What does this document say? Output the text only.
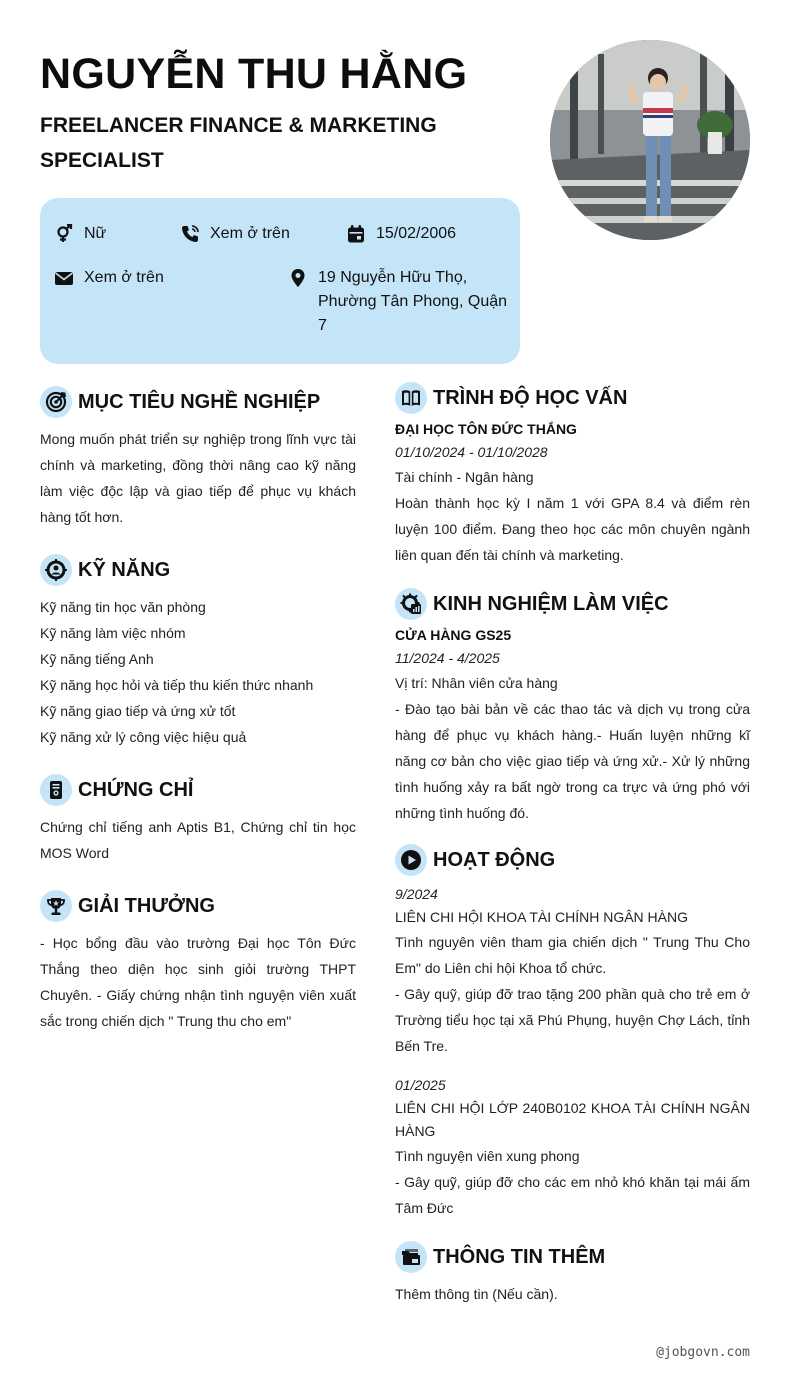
NGUYỄN THU HẰNG
FREELANCER FINANCE & MARKETING SPECIALIST
Nữ	Xem ở trên	15/02/2006
Xem ở trên	19 Nguyễn Hữu Thọ, Phường Tân Phong, Quận 7
MỤC TIÊU NGHỀ NGHIỆP
Mong muốn phát triển sự nghiệp trong lĩnh vực tài chính và marketing, đồng thời nâng cao kỹ năng làm việc độc lập và giao tiếp để phục vụ khách hàng tốt hơn.
KỸ NĂNG
Kỹ năng tin học văn phòng
Kỹ năng làm việc nhóm
Kỹ năng tiếng Anh
Kỹ năng học hỏi và tiếp thu kiến thức nhanh
Kỹ năng giao tiếp và ứng xử tốt
Kỹ năng xử lý công việc hiệu quả
CHỨNG CHỈ
Chứng chỉ tiếng anh Aptis B1, Chứng chỉ tin học MOS Word
GIẢI THƯỞNG
- Học bổng đầu vào trường Đại học Tôn Đức Thắng theo diện học sinh giỏi trường THPT Chuyên. - Giấy chứng nhận tình nguyện viên xuất sắc trong chiến dịch " Trung thu cho em"
TRÌNH ĐỘ HỌC VẤN
ĐẠI HỌC TÔN ĐỨC THẮNG
01/10/2024 - 01/10/2028
Tài chính - Ngân hàng
Hoàn thành học kỳ I năm 1 với GPA 8.4 và điểm rèn luyện 100 điểm. Đang theo học các môn chuyên ngành liên quan đến tài chính và marketing.
KINH NGHIỆM LÀM VIỆC
CỬA HÀNG GS25
11/2024 - 4/2025
Vị trí: Nhân viên cửa hàng
- Đào tạo bài bản về các thao tác và dịch vụ trong cửa hàng để phục vụ khách hàng.- Huấn luyện những kĩ năng cơ bản cho việc giao tiếp và ứng xử.- Xử lý những tình huống xảy ra bất ngờ trong ca trực và ứng phó với những tình huống đó.
HOẠT ĐỘNG
9/2024
LIÊN CHI HỘI KHOA TÀI CHÍNH NGÂN HÀNG
Tình nguyên viên tham gia chiến dịch " Trung Thu Cho Em" do Liên chi hội Khoa tổ chức.
- Gây quỹ, giúp đỡ trao tặng 200 phần quà cho trẻ em ở Trường tiểu học tại xã Phú Phụng, huyện Chợ Lách, tỉnh Bến Tre.
01/2025
LIÊN CHI HỘI LỚP 240B0102 KHOA TÀI CHÍNH NGÂN HÀNG
Tình nguyện viên xung phong
- Gây quỹ, giúp đỡ cho các em nhỏ khó khăn tại mái ấm Tâm Đức
THÔNG TIN THÊM
Thêm thông tin (Nếu cần).
@jobgovn.com
